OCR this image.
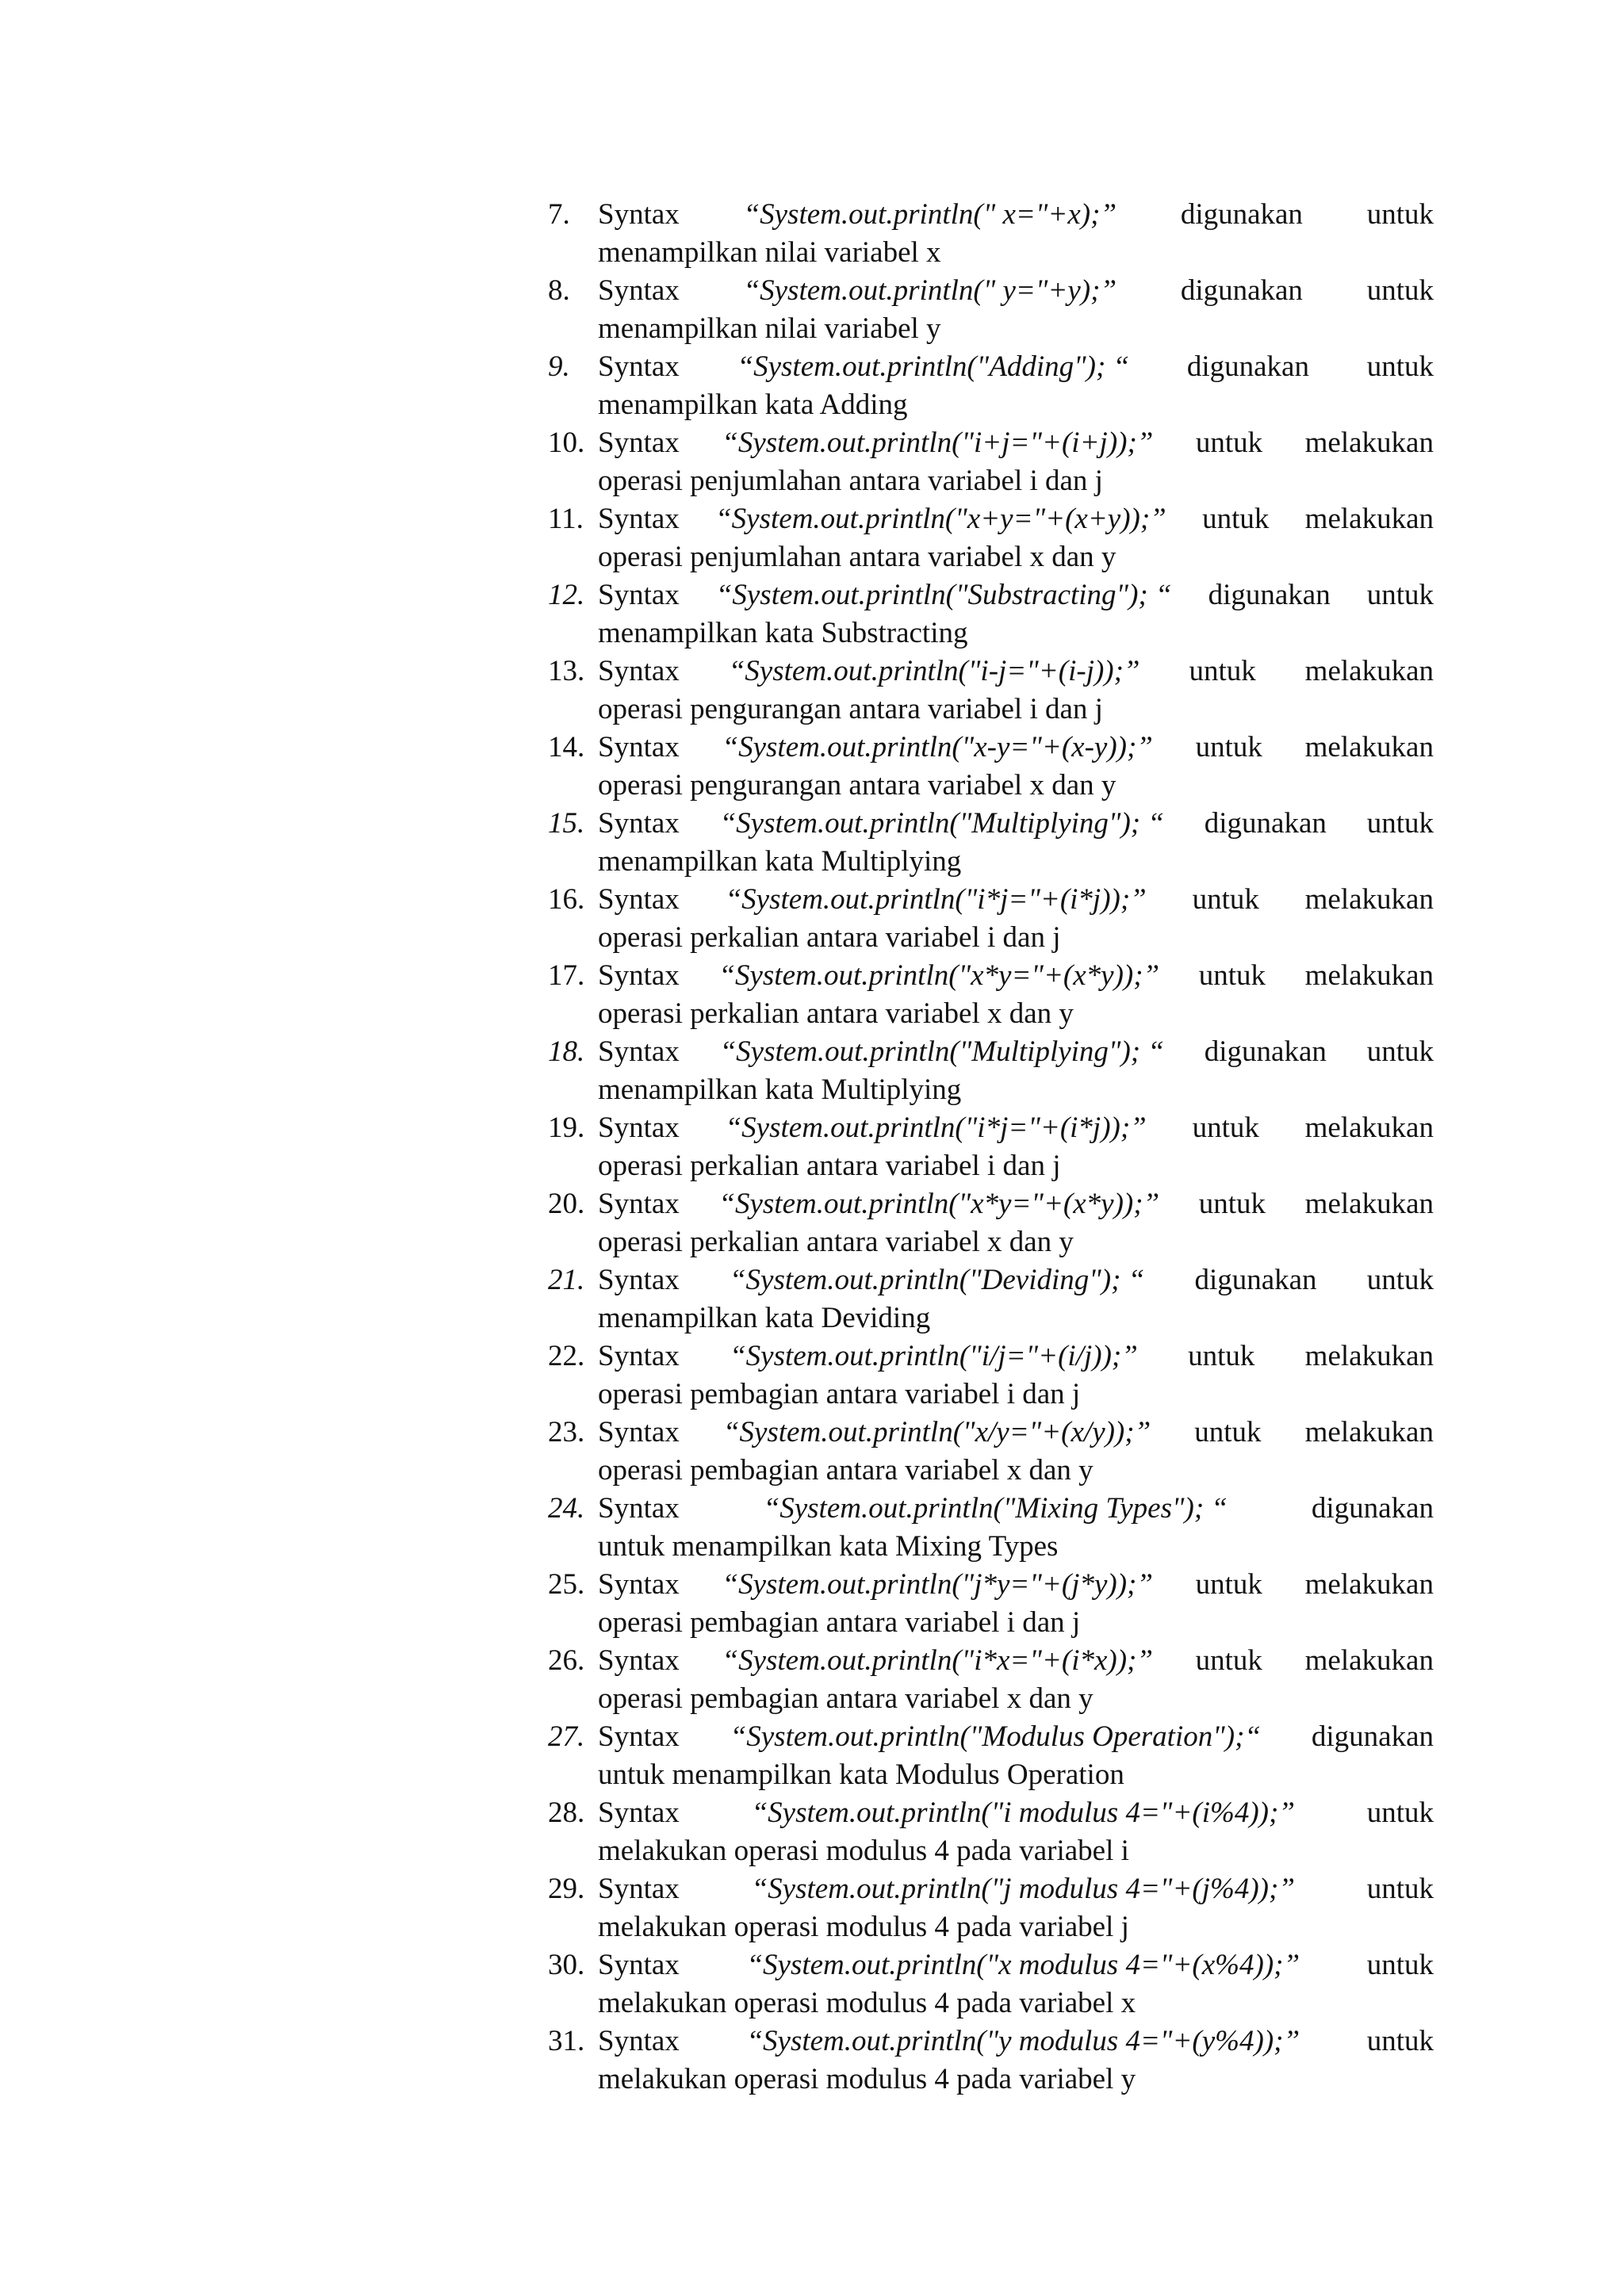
7. Syntax “System.out.println(" x="+x);” digunakan untuk
menampilkan nilai variabel x
8. Syntax “System.out.println(" y="+y);” digunakan untuk
menampilkan nilai variabel y
9. Syntax “System.out.println("Adding"); “ digunakan untuk
menampilkan kata Adding
10. Syntax “System.out.println("i+j="+(i+j));” untuk melakukan
operasi penjumlahan antara variabel i dan j
11. Syntax “System.out.println("x+y="+(x+y));” untuk melakukan
operasi penjumlahan antara variabel x dan y
12. Syntax “System.out.println("Substracting"); “ digunakan untuk
menampilkan kata Substracting
13. Syntax “System.out.println("i-j="+(i-j));” untuk melakukan
operasi pengurangan antara variabel i dan j
14. Syntax “System.out.println("x-y="+(x-y));” untuk melakukan
operasi pengurangan antara variabel x dan y
15. Syntax “System.out.println("Multiplying"); “ digunakan untuk
menampilkan kata Multiplying
16. Syntax “System.out.println("i*j="+(i*j));” untuk melakukan
operasi perkalian antara variabel i dan j
17. Syntax “System.out.println("x*y="+(x*y));” untuk melakukan
operasi perkalian antara variabel x dan y
18. Syntax “System.out.println("Multiplying"); “ digunakan untuk
menampilkan kata Multiplying
19. Syntax “System.out.println("i*j="+(i*j));” untuk melakukan
operasi perkalian antara variabel i dan j
20. Syntax “System.out.println("x*y="+(x*y));” untuk melakukan
operasi perkalian antara variabel x dan y
21. Syntax “System.out.println("Deviding"); “ digunakan untuk
menampilkan kata Deviding
22. Syntax “System.out.println("i/j="+(i/j));” untuk melakukan
operasi pembagian antara variabel i dan j
23. Syntax “System.out.println("x/y="+(x/y));” untuk melakukan
operasi pembagian antara variabel x dan y
24. Syntax	“System.out.println("Mixing Types"); “	digunakan
untuk menampilkan kata Mixing Types
25. Syntax “System.out.println("j*y="+(j*y));” untuk melakukan
operasi pembagian antara variabel i dan j
26. Syntax “System.out.println("i*x="+(i*x));” untuk melakukan
operasi pembagian antara variabel x dan y
27. Syntax “System.out.println("Modulus Operation");“ digunakan
untuk menampilkan kata Modulus Operation
28. Syntax “System.out.println("i modulus 4="+(i%4));” untuk
melakukan operasi modulus 4 pada variabel i
29. Syntax “System.out.println("j modulus 4="+(j%4));” untuk
melakukan operasi modulus 4 pada variabel j
30. Syntax “System.out.println("x modulus 4="+(x%4));” untuk
melakukan operasi modulus 4 pada variabel x
31. Syntax “System.out.println("y modulus 4="+(y%4));” untuk
melakukan operasi modulus 4 pada variabel y
